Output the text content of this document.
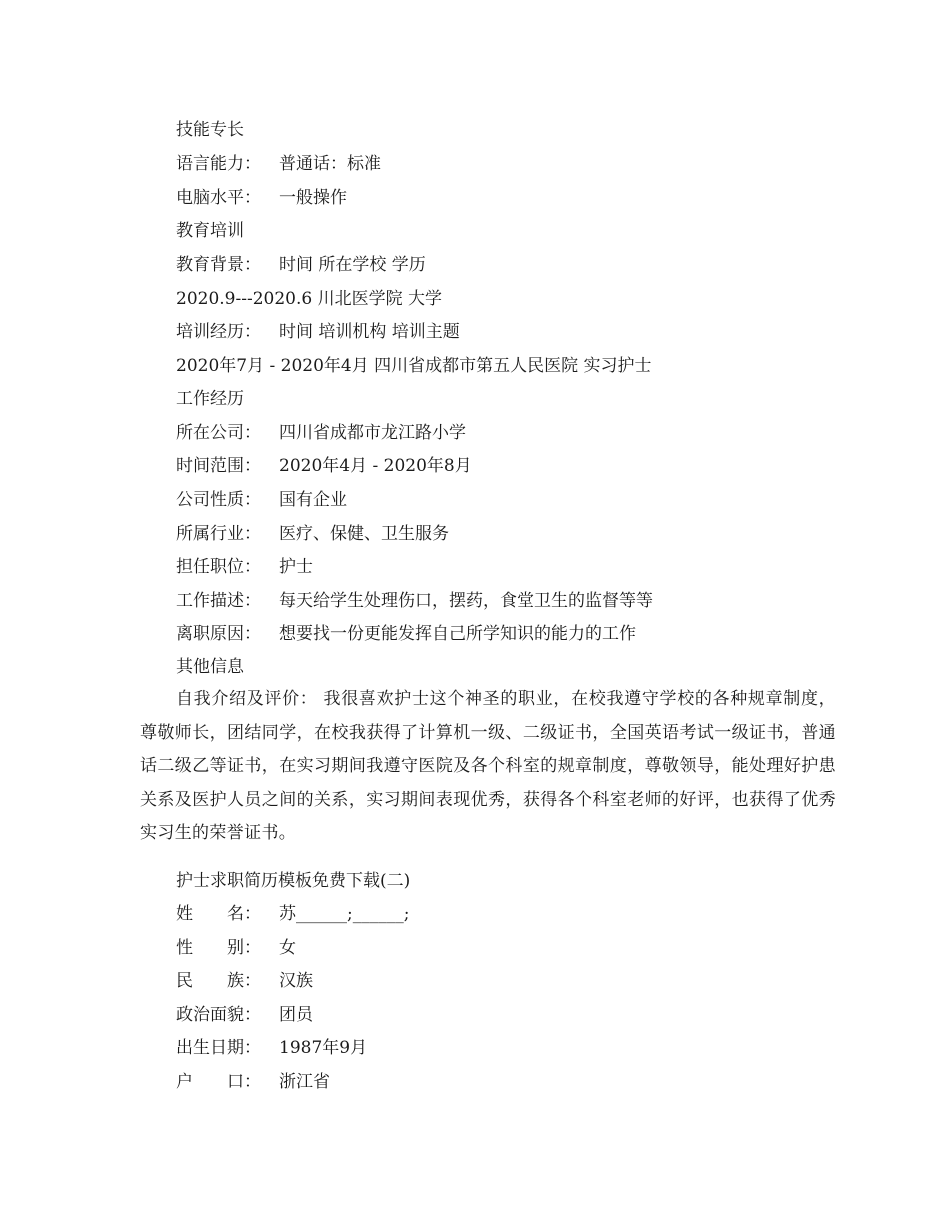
技能专长
语言能力： 普通话：标准
电脑水平： 一般操作
教育培训
教育背景： 时间 所在学校 学历
2020.9---2020.6 川北医学院 大学
培训经历： 时间 培训机构 培训主题
2020年7月 - 2020年4月 四川省成都市第五人民医院 实习护士
工作经历
所在公司： 四川省成都市龙江路小学
时间范围： 2020年4月 - 2020年8月
公司性质： 国有企业
所属行业： 医疗、保健、卫生服务
担任职位： 护士
工作描述： 每天给学生处理伤口，摆药，食堂卫生的监督等等
离职原因： 想要找一份更能发挥自己所学知识的能力的工作
其他信息
自我介绍及评价： 我很喜欢护士这个神圣的职业，在校我遵守学校的各种规章制度，尊敬师长，团结同学，在校我获得了计算机一级、二级证书，全国英语考试一级证书，普通话二级乙等证书，在实习期间我遵守医院及各个科室的规章制度，尊敬领导，能处理好护患关系及医护人员之间的关系，实习期间表现优秀，获得各个科室老师的好评，也获得了优秀实习生的荣誉证书。
护士求职简历模板免费下载(二)
姓　　名： 苏______;______;
性　　别： 女
民　　族： 汉族
政治面貌： 团员
出生日期： 1987年9月
户　　口： 浙江省
